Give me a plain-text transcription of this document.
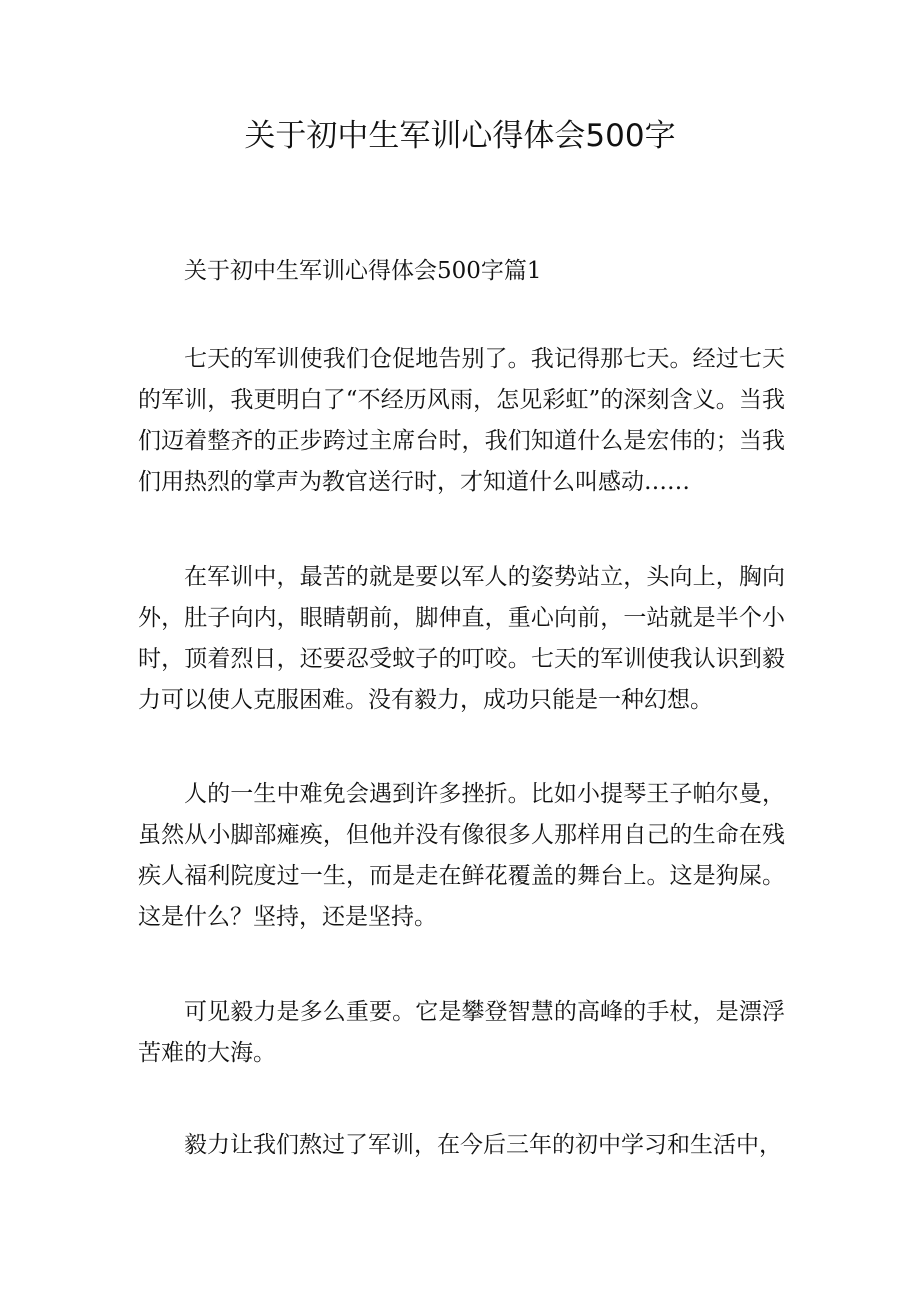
关于初中生军训心得体会500字

关于初中生军训心得体会500字篇1

七天的军训使我们仓促地告别了。我记得那七天。经过七天的军训，我更明白了“不经历风雨，怎见彩虹”的深刻含义。当我们迈着整齐的正步跨过主席台时，我们知道什么是宏伟的；当我们用热烈的掌声为教官送行时，才知道什么叫感动……

在军训中，最苦的就是要以军人的姿势站立，头向上，胸向外，肚子向内，眼睛朝前，脚伸直，重心向前，一站就是半个小时，顶着烈日，还要忍受蚊子的叮咬。七天的军训使我认识到毅力可以使人克服困难。没有毅力，成功只能是一种幻想。

人的一生中难免会遇到许多挫折。比如小提琴王子帕尔曼，虽然从小脚部瘫痪，但他并没有像很多人那样用自己的生命在残疾人福利院度过一生，而是走在鲜花覆盖的舞台上。这是狗屎。这是什么？坚持，还是坚持。

可见毅力是多么重要。它是攀登智慧的高峰的手杖，是漂浮苦难的大海。

毅力让我们熬过了军训，在今后三年的初中学习和生活中，
